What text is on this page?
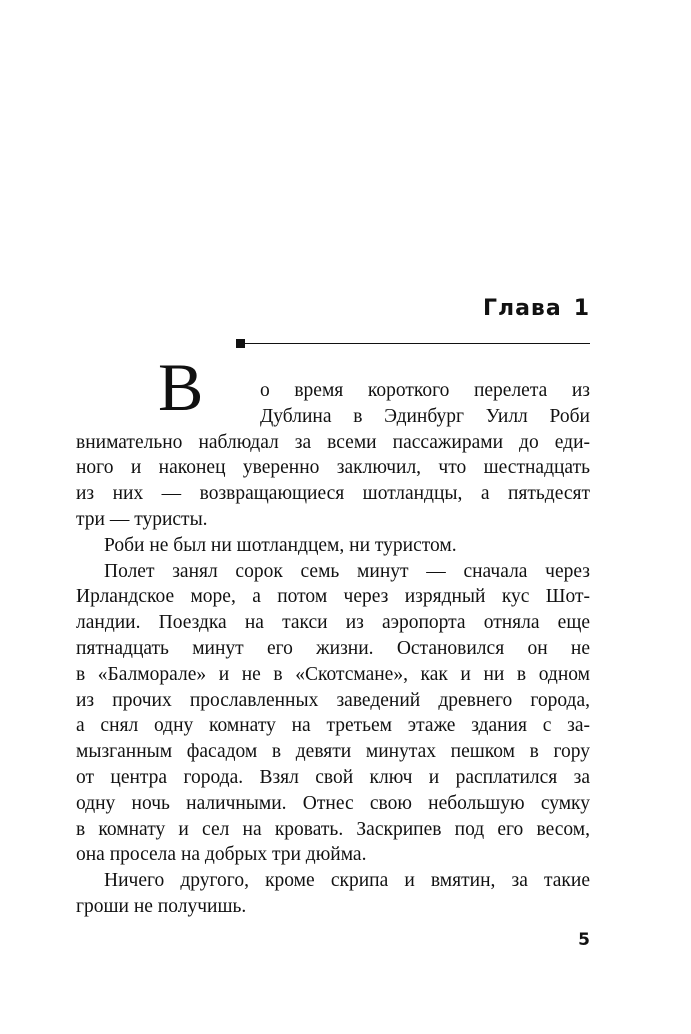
Глава 1
В	о время короткого перелета из
Дублина в Эдинбург Уилл Роби
внимательно наблюдал за всеми пассажирами до еди-
ного и наконец уверенно заключил, что шестнадцать
из них — возвращающиеся шотландцы, а пятьдесят
три — туристы.
Роби не был ни шотландцем, ни туристом.
Полет занял сорок семь минут — сначала через
Ирландское море, а потом через изрядный кус Шот-
ландии. Поездка на такси из аэропорта отняла еще
пятнадцать минут его жизни. Остановился он не
в «Балморале» и не в «Скотсмане», как и ни в одном
из прочих прославленных заведений древнего города,
а снял одну комнату на третьем этаже здания с за-
мызганным фасадом в девяти минутах пешком в гору
от центра города. Взял свой ключ и расплатился за
одну ночь наличными. Отнес свою небольшую сумку
в комнату и сел на кровать. Заскрипев под его весом,
она просела на добрых три дюйма.
Ничего другого, кроме скрипа и вмятин, за такие
гроши не получишь.
5
